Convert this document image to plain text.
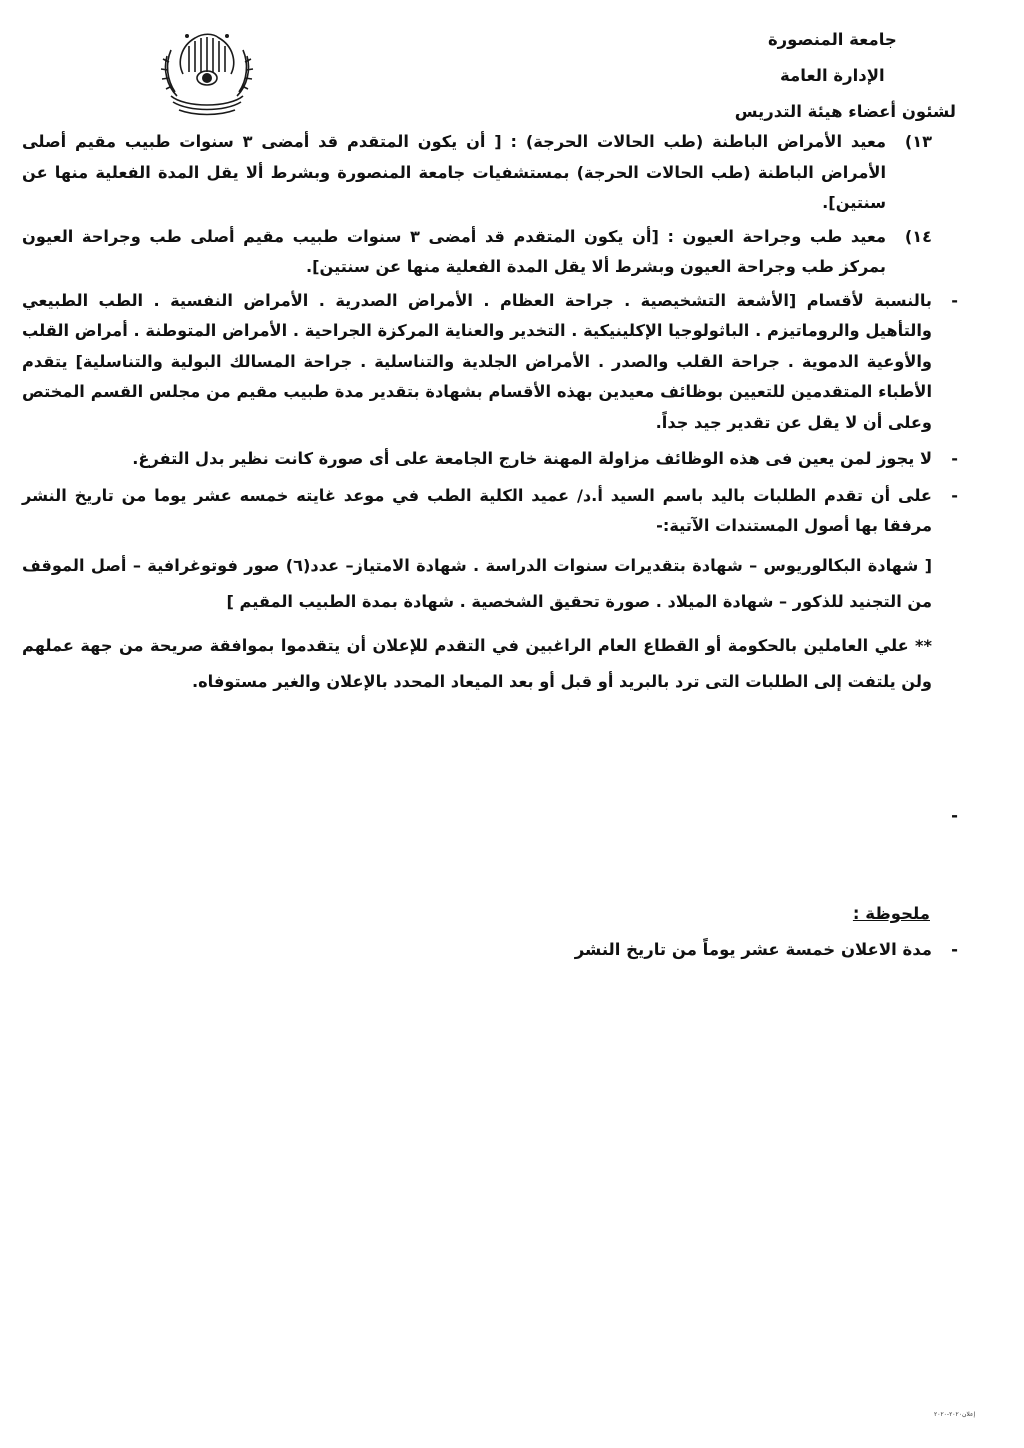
جامعة المنصورة
الإدارة العامة
لشئون أعضاء هيئة التدريس
١٣)
معيد الأمراض الباطنة (طب الحالات الحرجة) : [ أن يكون المتقدم قد أمضى ٣ سنوات طبيب مقيم أصلى الأمراض الباطنة (طب الحالات الحرجة) بمستشفيات جامعة المنصورة وبشرط ألا يقل المدة الفعلية منها عن سنتين].
١٤)
معيد طب وجراحة العيون : [أن يكون المتقدم قد أمضى ٣ سنوات طبيب مقيم أصلى طب وجراحة العيون بمركز طب وجراحة العيون وبشرط ألا يقل المدة الفعلية منها عن سنتين].
-
بالنسبة لأقسام [الأشعة التشخيصية . جراحة العظام . الأمراض الصدرية . الأمراض النفسية . الطب الطبيعي والتأهيل والروماتيزم . الباثولوجيا الإكلينيكية . التخدير والعناية المركزة الجراحية . الأمراض المتوطنة . أمراض القلب والأوعية الدموية . جراحة القلب والصدر . الأمراض الجلدية والتناسلية . جراحة المسالك البولية والتناسلية] يتقدم الأطباء المتقدمين للتعيين بوظائف معيدين بهذه الأقسام بشهادة بتقدير مدة طبيب مقيم من مجلس القسم المختص وعلى أن لا يقل عن تقدير جيد جداً.
-
لا يجوز لمن يعين فى هذه الوظائف مزاولة المهنة خارج الجامعة على أى صورة كانت نظير بدل التفرغ.
-
على أن تقدم الطلبات باليد باسم السيد أ.د/ عميد الكلية الطب في موعد غايته خمسه عشر يوما من تاريخ النشر مرفقا بها أصول المستندات الآتية:-
[ شهادة البكالوريوس – شهادة بتقديرات سنوات الدراسة . شهادة الامتياز– عدد(٦) صور فوتوغرافية – أصل الموقف من التجنيد للذكور – شهادة الميلاد . صورة تحقيق الشخصية . شهادة بمدة الطبيب المقيم ]
** علي العاملين بالحكومة أو القطاع العام الراغبين في التقدم للإعلان أن يتقدموا بموافقة صريحة من جهة عملهم ولن يلتفت إلى الطلبات التى ترد بالبريد أو قبل أو بعد الميعاد المحدد بالإعلان والغير مستوفاه.
-
ملحوظة :
-
مدة الاعلان خمسة عشر يوماً من تاريخ النشر
إعلان٢٠٢٠-٢٠٢٠
